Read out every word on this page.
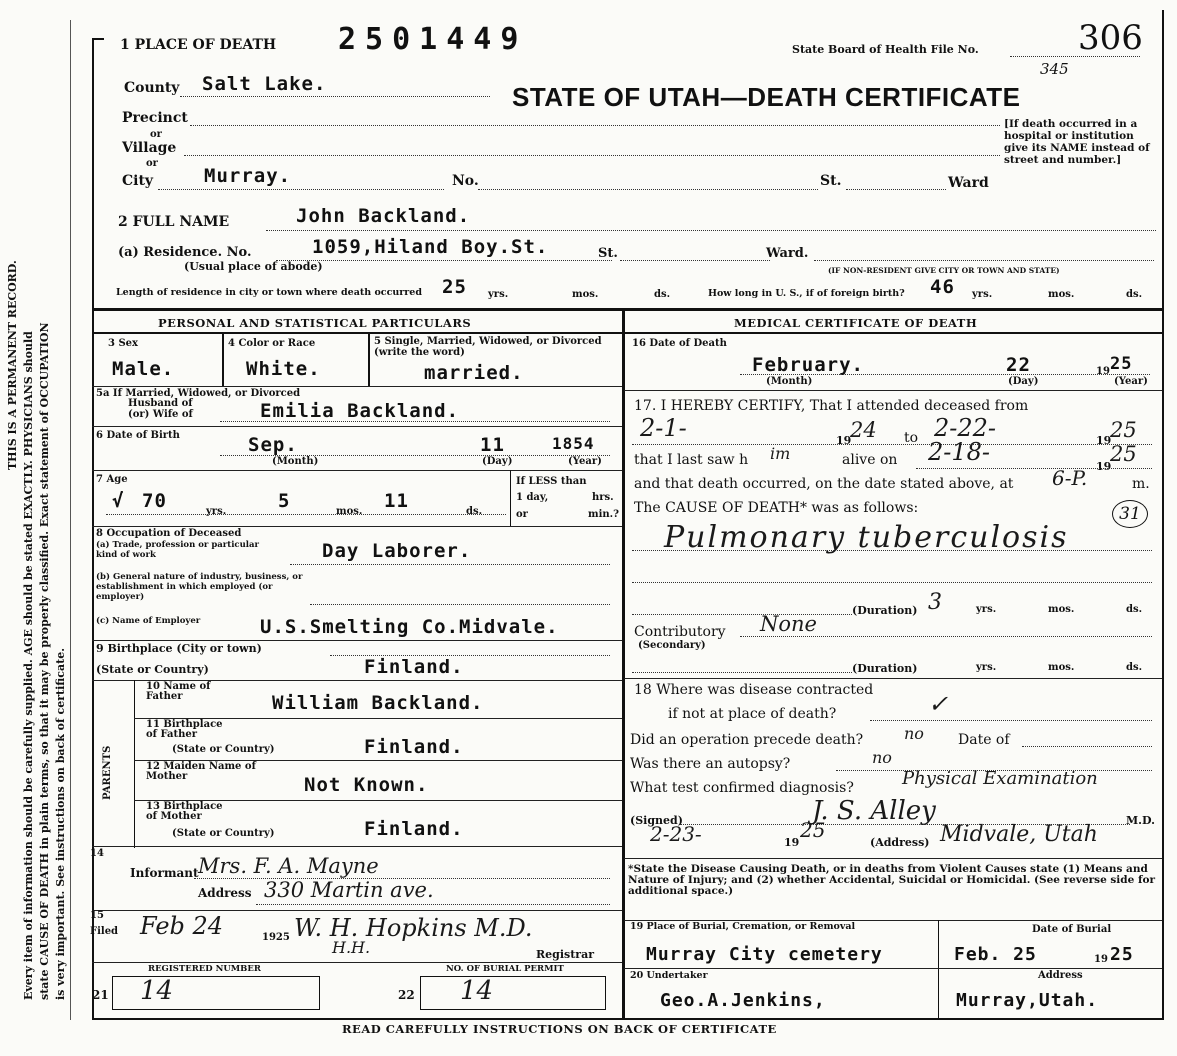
THIS IS A PERMANENT RECORD. Every item of information should be carefully supplied. AGE should be stated EXACTLY. PHYSICIANS should state CAUSE OF DEATH in plain terms, so that it may be properly classified. Exact statement of OCCUPATION is very important. See instructions on back of certificate.
1 PLACE OF DEATH 2501449	State Board of Health File No.	306
345
County Salt Lake.	STATE OF UTAH—DEATH CERTIFICATE
Precinct
or
Village
or
City	Murray.	No.	St.	Ward
[If death occurred in a hospital or institution give its NAME instead of street and number.]
2 FULL NAME	John Backland.
(a) Residence. No.	1059,Hiland Boy.St.	St.	Ward.
(Usual place of abode)	(IF NON-RESIDENT GIVE CITY OR TOWN AND STATE)
Length of residence in city or town where death occurred 25 yrs.	mos.	ds.	How long in U. S., if of foreign birth? 46 yrs.	mos.	ds.
PERSONAL AND STATISTICAL PARTICULARS	MEDICAL CERTIFICATE OF DEATH
3 Sex
Male.
4 Color or Race
White.
5 Single, Married, Widowed, or Divorced (write the word)
married.
5a If Married, Widowed, or Divorced
Husband of
(or) Wife of	Emilia Backland.
6 Date of Birth	Sep.	11	1854
(Month)	(Day)	(Year)
7 Age
√ 70	yrs.	5	mos. 11	ds.
If LESS than
1 day,	hrs.
or	min.?
8 Occupation of Deceased
(a) Trade, profession or particular kind of work	Day Laborer.
(b) General nature of industry, business, or establishment in which employed (or employer)
(c) Name of Employer	U.S.Smelting Co.Midvale.
9 Birthplace (City or town)
(State or Country)	Finland.
PARENTS
10 Name of Father	William Backland.
11 Birthplace of Father
(State or Country)	Finland.
12 Maiden Name of Mother	Not Known.
13 Birthplace of Mother
(State or Country)	Finland.
14
Informant Mrs. F. A. Mayne
Address 330 Martin ave.
15
Filed Feb 24	1925 W. H. Hopkins M.D.
H.H.	Registrar
REGISTERED NUMBER	NO. OF BURIAL PERMIT
21 14	22 14
16 Date of Death
February.	22	19 25
(Month)	(Day)	(Year)
17. I HEREBY CERTIFY, That I attended deceased from
2-1-	19
24 to 2-22-	19
25
that I last saw h im	alive on 2-18-
19
25
and that death occurred, on the date stated above, at 6-P.	m.
The CAUSE OF DEATH* was as follows:	31
Pulmonary tuberculosis
(Duration) 3	yrs.	mos.	ds.
Contributory None
(Secondary)
(Duration)	yrs.	mos.	ds.
18 Where was disease contracted
if not at place of death?	✓
Did an operation precede death?	no Date of
Was there an autopsy?	no
What test confirmed diagnosis?	Physical Examination
(Signed)	J. S. Alley	M.D.
2-23-	19
25
(Address) Midvale, Utah
*State the Disease Causing Death, or in deaths from Violent Causes state (1) Means and Nature of Injury; and (2) whether Accidental, Suicidal or Homicidal. (See reverse side for additional space.)
19 Place of Burial, Cremation, or Removal
Murray City cemetery
Date of Burial
Feb. 25	19 25
20 Undertaker
Geo.A.Jenkins,
Address
Murray,Utah.
READ CAREFULLY INSTRUCTIONS ON BACK OF CERTIFICATE
